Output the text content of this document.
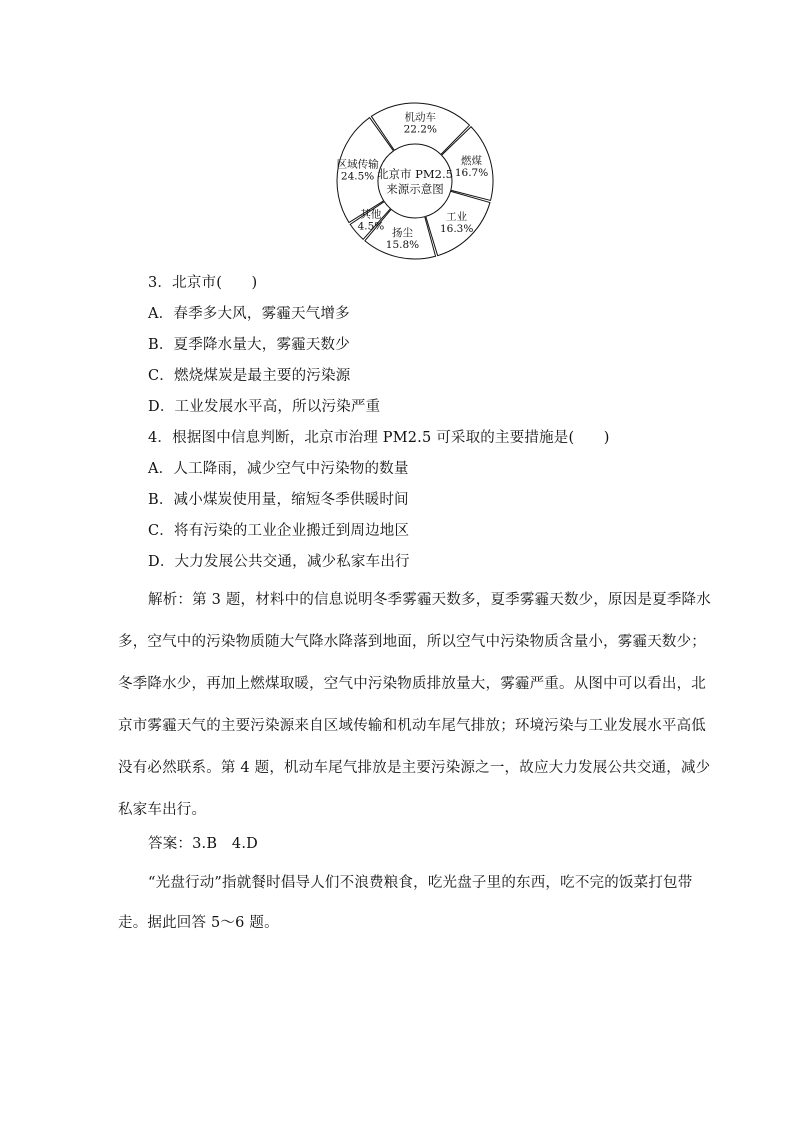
区域传输
24.5%
机动车
22.2%
燃煤
16.7%
工业
16.3%
扬尘
15.8%
其他
4.5%
北京市 PM2.5
来源示意图
3．北京市(　　)
A．春季多大风，雾霾天气增多
B．夏季降水量大，雾霾天数少
C．燃烧煤炭是最主要的污染源
D．工业发展水平高，所以污染严重
4．根据图中信息判断，北京市治理 PM2.5 可采取的主要措施是(　　)
A．人工降雨，减少空气中污染物的数量
B．减小煤炭使用量，缩短冬季供暖时间
C．将有污染的工业企业搬迁到周边地区
D．大力发展公共交通，减少私家车出行
解析：第 3 题，材料中的信息说明冬季雾霾天数多，夏季雾霾天数少，原因是夏季降水
多，空气中的污染物质随大气降水降落到地面，所以空气中污染物质含量小，雾霾天数少；
冬季降水少，再加上燃煤取暖，空气中污染物质排放量大，雾霾严重。从图中可以看出，北
京市雾霾天气的主要污染源来自区域传输和机动车尾气排放；环境污染与工业发展水平高低
没有必然联系。第 4 题，机动车尾气排放是主要污染源之一，故应大力发展公共交通，减少
私家车出行。
答案：3.B　4.D
“光盘行动”指就餐时倡导人们不浪费粮食，吃光盘子里的东西，吃不完的饭菜打包带
走。据此回答 5～6 题。
